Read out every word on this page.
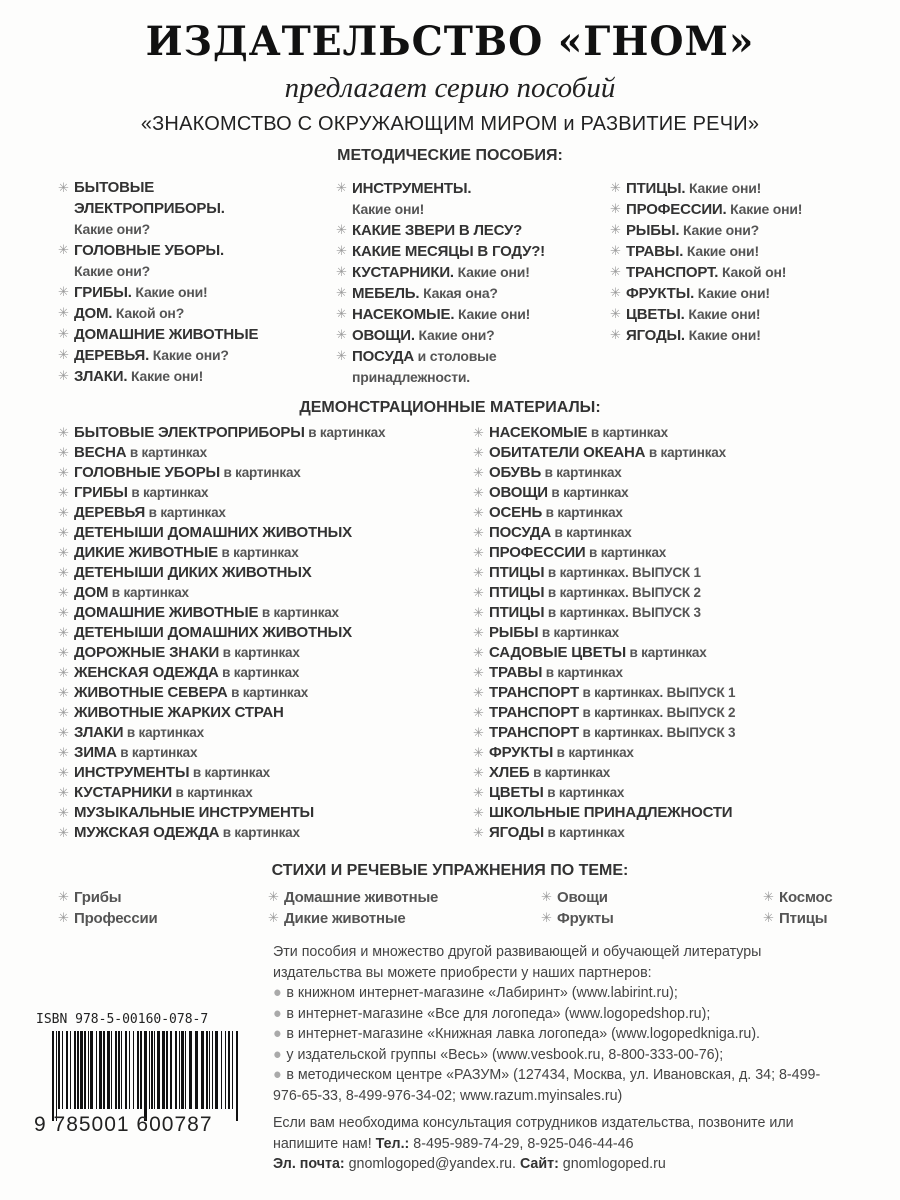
ИЗДАТЕЛЬСТВО «ГНОМ»
предлагает серию пособий
«ЗНАКОМСТВО С ОКРУЖАЮЩИМ МИРОМ и РАЗВИТИЕ РЕЧИ»
МЕТОДИЧЕСКИЕ ПОСОБИЯ:
✳ БЫТОВЫЕ
ЭЛЕКТРОПРИБОРЫ.
Какие они?
✳ ГОЛОВНЫЕ УБОРЫ.
Какие они?
✳ ГРИБЫ. Какие они!
✳ ДОМ. Какой он?
✳ ДОМАШНИЕ ЖИВОТНЫЕ
✳ ДЕРЕВЬЯ. Какие они?
✳ ЗЛАКИ. Какие они!
✳ ИНСТРУМЕНТЫ.
Какие они!
✳ КАКИЕ ЗВЕРИ В ЛЕСУ?
✳ КАКИЕ МЕСЯЦЫ В ГОДУ?!
✳ КУСТАРНИКИ. Какие они!
✳ МЕБЕЛЬ. Какая она?
✳ НАСЕКОМЫЕ. Какие они!
✳ ОВОЩИ. Какие они?
✳ ПОСУДА и столовые
принадлежности.
✳ ПТИЦЫ. Какие они!
✳ ПРОФЕССИИ. Какие они!
✳ РЫБЫ. Какие они?
✳ ТРАВЫ. Какие они!
✳ ТРАНСПОРТ. Какой он!
✳ ФРУКТЫ. Какие они!
✳ ЦВЕТЫ. Какие они!
✳ ЯГОДЫ. Какие они!
ДЕМОНСТРАЦИОННЫЕ МАТЕРИАЛЫ:
✳ БЫТОВЫЕ ЭЛЕКТРОПРИБОРЫ в картинках
✳ ВЕСНА в картинках
✳ ГОЛОВНЫЕ УБОРЫ в картинках
✳ ГРИБЫ в картинках
✳ ДЕРЕВЬЯ в картинках
✳ ДЕТЕНЫШИ ДОМАШНИХ ЖИВОТНЫХ
✳ ДИКИЕ ЖИВОТНЫЕ в картинках
✳ ДЕТЕНЫШИ ДИКИХ ЖИВОТНЫХ
✳ ДОМ в картинках
✳ ДОМАШНИЕ ЖИВОТНЫЕ в картинках
✳ ДЕТЕНЫШИ ДОМАШНИХ ЖИВОТНЫХ
✳ ДОРОЖНЫЕ ЗНАКИ в картинках
✳ ЖЕНСКАЯ ОДЕЖДА в картинках
✳ ЖИВОТНЫЕ СЕВЕРА в картинках
✳ ЖИВОТНЫЕ ЖАРКИХ СТРАН
✳ ЗЛАКИ в картинках
✳ ЗИМА в картинках
✳ ИНСТРУМЕНТЫ в картинках
✳ КУСТАРНИКИ в картинках
✳ МУЗЫКАЛЬНЫЕ ИНСТРУМЕНТЫ
✳ МУЖСКАЯ ОДЕЖДА в картинках
✳ НАСЕКОМЫЕ в картинках
✳ ОБИТАТЕЛИ ОКЕАНА в картинках
✳ ОБУВЬ в картинках
✳ ОВОЩИ в картинках
✳ ОСЕНЬ в картинках
✳ ПОСУДА в картинках
✳ ПРОФЕССИИ в картинках
✳ ПТИЦЫ в картинках. ВЫПУСК 1
✳ ПТИЦЫ в картинках. ВЫПУСК 2
✳ ПТИЦЫ в картинках. ВЫПУСК 3
✳ РЫБЫ в картинках
✳ САДОВЫЕ ЦВЕТЫ в картинках
✳ ТРАВЫ в картинках
✳ ТРАНСПОРТ в картинках. ВЫПУСК 1
✳ ТРАНСПОРТ в картинках. ВЫПУСК 2
✳ ТРАНСПОРТ в картинках. ВЫПУСК 3
✳ ФРУКТЫ в картинках
✳ ХЛЕБ в картинках
✳ ЦВЕТЫ в картинках
✳ ШКОЛЬНЫЕ ПРИНАДЛЕЖНОСТИ
✳ ЯГОДЫ в картинках
СТИХИ И РЕЧЕВЫЕ УПРАЖНЕНИЯ ПО ТЕМЕ:
✳ Грибы
✳ Профессии
✳ Домашние животные
✳ Дикие животные
✳ Овощи
✳ Фрукты
✳ Космос
✳ Птицы
Эти пособия и множество другой развивающей и обучающей литературы издательства вы можете приобрести у наших партнеров:
● в книжном интернет-магазине «Лабиринт» (www.labirint.ru);
● в интернет-магазине «Все для логопеда» (www.logopedshop.ru);
● в интернет-магазине «Книжная лавка логопеда» (www.logopedkniga.ru).
● у издательской группы «Весь» (www.vesbook.ru, 8-800-333-00-76);
● в методическом центре «РАЗУМ» (127434, Москва, ул. Ивановская, д. 34; 8-499-976-65-33, 8-499-976-34-02; www.razum.myinsales.ru)
Если вам необходима консультация сотрудников издательства, позвоните или напишите нам! Тел.: 8-495-989-74-29, 8-925-046-44-46
Эл. почта: gnomlogoped@yandex.ru. Сайт: gnomlogoped.ru
ISBN 978-5-00160-078-7
9 785001 600787
